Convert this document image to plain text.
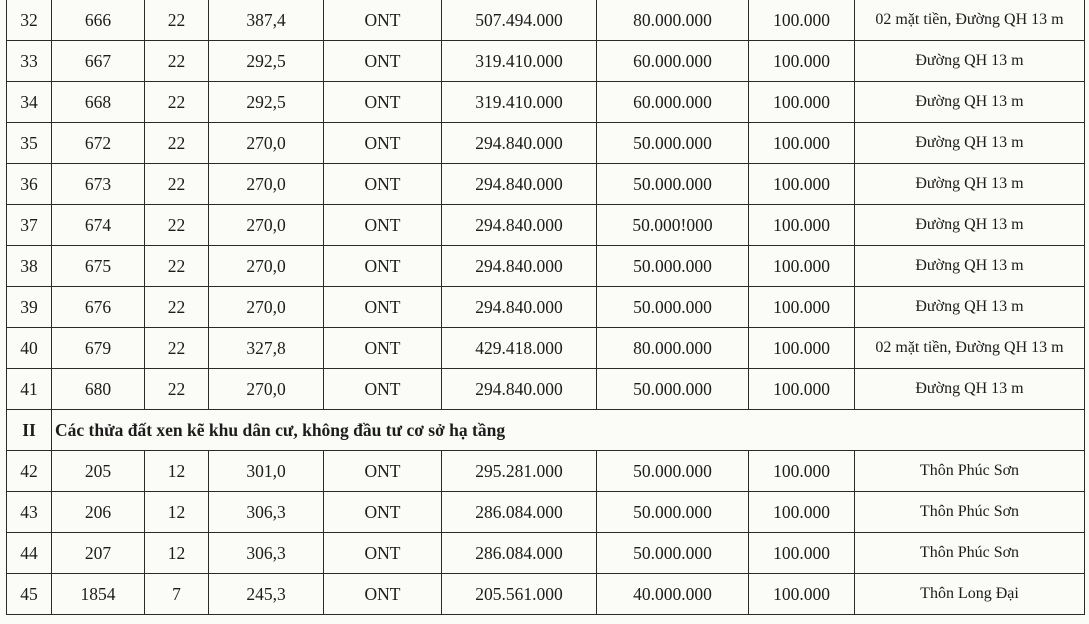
32	666	22	387,4	ONT	507.494.000	80.000.000	100.000	02 mặt tiền, Đường QH 13 m
33	667	22	292,5	ONT	319.410.000	60.000.000	100.000	Đường QH 13 m
34	668	22	292,5	ONT	319.410.000	60.000.000	100.000	Đường QH 13 m
35	672	22	270,0	ONT	294.840.000	50.000.000	100.000	Đường QH 13 m
36	673	22	270,0	ONT	294.840.000	50.000.000	100.000	Đường QH 13 m
37	674	22	270,0	ONT	294.840.000	50.000!000	100.000	Đường QH 13 m
38	675	22	270,0	ONT	294.840.000	50.000.000	100.000	Đường QH 13 m
39	676	22	270,0	ONT	294.840.000	50.000.000	100.000	Đường QH 13 m
40	679	22	327,8	ONT	429.418.000	80.000.000	100.000	02 mặt tiền, Đường QH 13 m
41	680	22	270,0	ONT	294.840.000	50.000.000	100.000	Đường QH 13 m
II	Các thửa đất xen kẽ khu dân cư, không đầu tư cơ sở hạ tầng							
42	205	12	301,0	ONT	295.281.000	50.000.000	100.000	Thôn Phúc Sơn
43	206	12	306,3	ONT	286.084.000	50.000.000	100.000	Thôn Phúc Sơn
44	207	12	306,3	ONT	286.084.000	50.000.000	100.000	Thôn Phúc Sơn
45	1854	7	245,3	ONT	205.561.000	40.000.000	100.000	Thôn Long Đại
